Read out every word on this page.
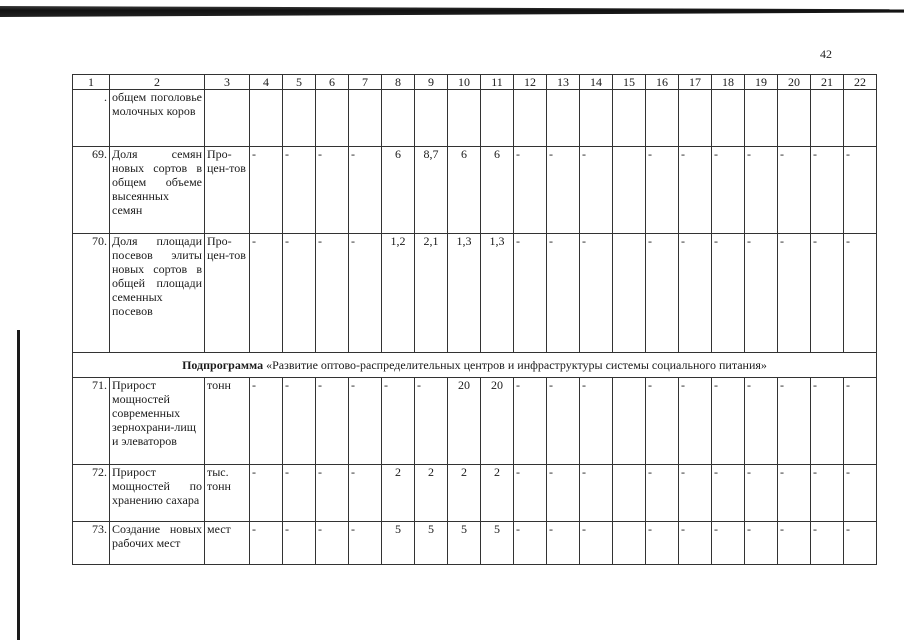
42
1	2	3	4	5	6	7	8	9	10	11	12	13	14	15	16	17	18	19	20	21	22
.	общем поголовье молочных коров																				
69.	Доля семян новых сортов в общем объеме высеянных семян	Про-цен-тов	-	-	-	-	6	8,7	6	6	-	-	-		-	-	-	-	-	-	-
70.	Доля площади посевов элиты новых сортов в общей площади семенных посевов	Про-цен-тов	-	-	-	-	1,2	2,1	1,3	1,3	-	-	-		-	-	-	-	-	-	-
Подпрограмма «Развитие оптово-распределительных центров и инфраструктуры системы социального питания»																					
71.	Прирост мощностей современных зернохрани-лищ и элеваторов	тонн	-	-	-	-	-	-	20	20	-	-	-		-	-	-	-	-	-	-
72.	Прирост мощностей по хранению сахара	тыс. тонн	-	-	-	-	2	2	2	2	-	-	-		-	-	-	-	-	-	-
73.	Создание новых рабочих мест	мест	-	-	-	-	5	5	5	5	-	-	-		-	-	-	-	-	-	-
